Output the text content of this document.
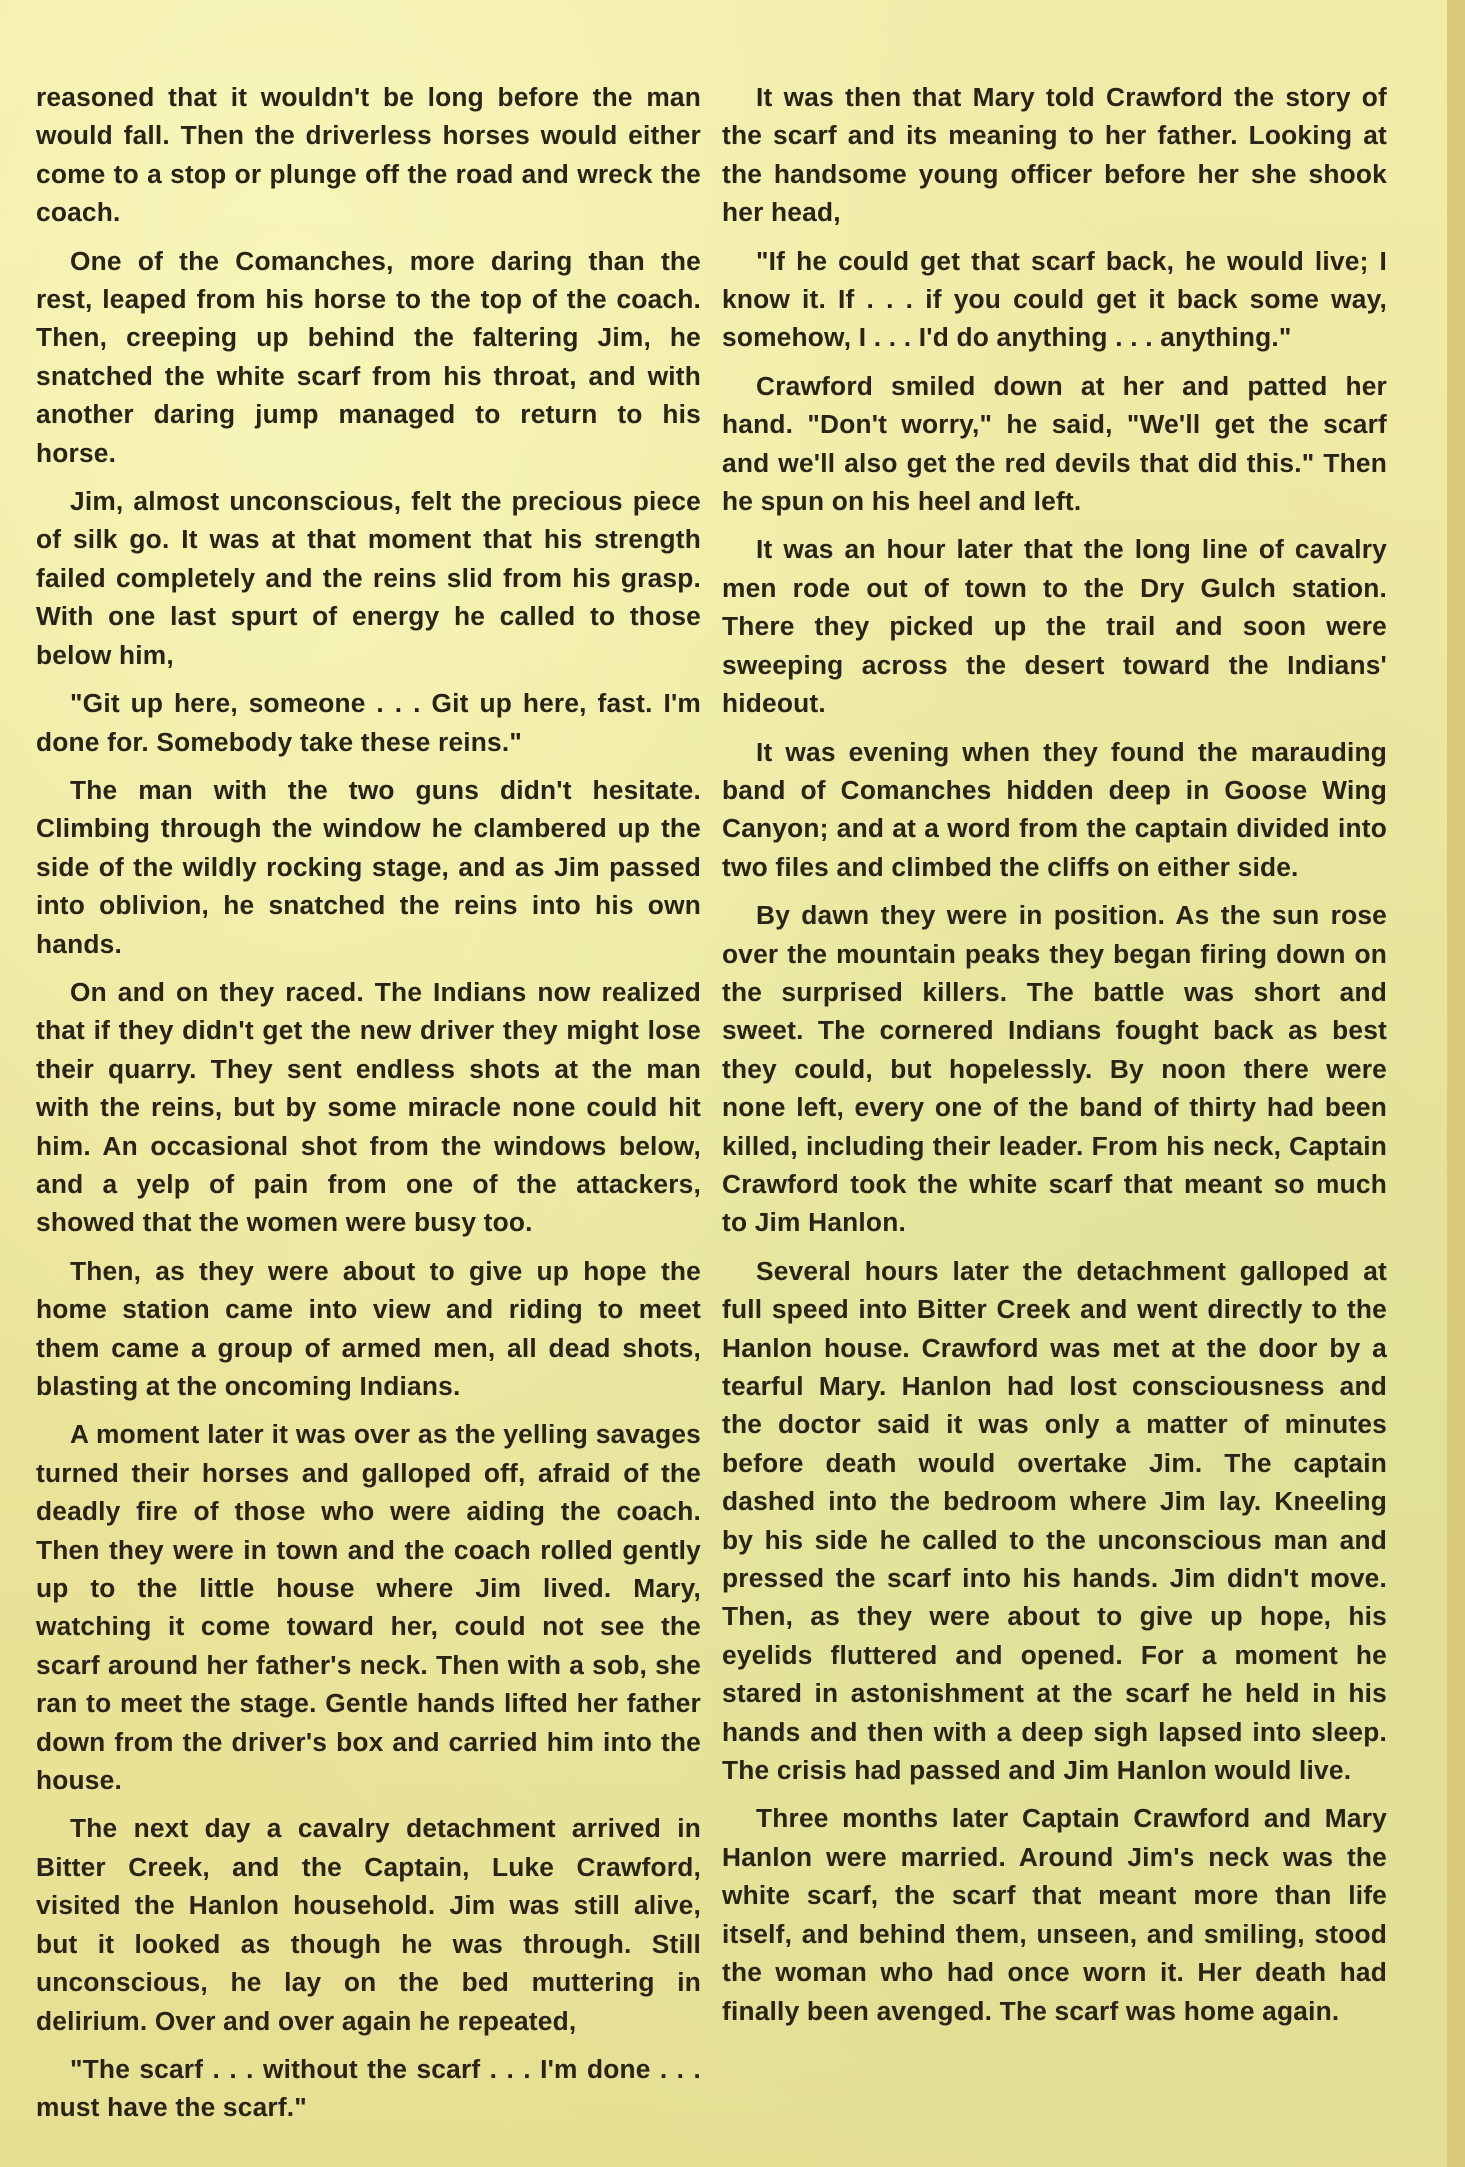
reasoned that it wouldn't be long before the man would fall. Then the driverless horses would either come to a stop or plunge off the road and wreck the coach.

One of the Comanches, more daring than the rest, leaped from his horse to the top of the coach. Then, creeping up behind the faltering Jim, he snatched the white scarf from his throat, and with another daring jump managed to return to his horse.

Jim, almost unconscious, felt the precious piece of silk go. It was at that moment that his strength failed completely and the reins slid from his grasp. With one last spurt of energy he called to those below him,

"Git up here, someone . . . Git up here, fast. I'm done for. Somebody take these reins."

The man with the two guns didn't hesitate. Climbing through the window he clambered up the side of the wildly rocking stage, and as Jim passed into oblivion, he snatched the reins into his own hands.

On and on they raced. The Indians now realized that if they didn't get the new driver they might lose their quarry. They sent endless shots at the man with the reins, but by some miracle none could hit him. An occasional shot from the windows below, and a yelp of pain from one of the attackers, showed that the women were busy too.

Then, as they were about to give up hope the home station came into view and riding to meet them came a group of armed men, all dead shots, blasting at the oncoming Indians.

A moment later it was over as the yelling savages turned their horses and galloped off, afraid of the deadly fire of those who were aiding the coach. Then they were in town and the coach rolled gently up to the little house where Jim lived. Mary, watching it come toward her, could not see the scarf around her father's neck. Then with a sob, she ran to meet the stage. Gentle hands lifted her father down from the driver's box and carried him into the house.

The next day a cavalry detachment arrived in Bitter Creek, and the Captain, Luke Crawford, visited the Hanlon household. Jim was still alive, but it looked as though he was through. Still unconscious, he lay on the bed muttering in delirium. Over and over again he repeated,

"The scarf . . . without the scarf . . . I'm done . . . must have the scarf."

It was then that Mary told Crawford the story of the scarf and its meaning to her father. Looking at the handsome young officer before her she shook her head,

"If he could get that scarf back, he would live; I know it. If . . . if you could get it back some way, somehow, I . . . I'd do anything . . . anything."

Crawford smiled down at her and patted her hand. "Don't worry," he said, "We'll get the scarf and we'll also get the red devils that did this." Then he spun on his heel and left.

It was an hour later that the long line of cavalry men rode out of town to the Dry Gulch station. There they picked up the trail and soon were sweeping across the desert toward the Indians' hideout.

It was evening when they found the marauding band of Comanches hidden deep in Goose Wing Canyon; and at a word from the captain divided into two files and climbed the cliffs on either side.

By dawn they were in position. As the sun rose over the mountain peaks they began firing down on the surprised killers. The battle was short and sweet. The cornered Indians fought back as best they could, but hopelessly. By noon there were none left, every one of the band of thirty had been killed, including their leader. From his neck, Captain Crawford took the white scarf that meant so much to Jim Hanlon.

Several hours later the detachment galloped at full speed into Bitter Creek and went directly to the Hanlon house. Crawford was met at the door by a tearful Mary. Hanlon had lost consciousness and the doctor said it was only a matter of minutes before death would overtake Jim. The captain dashed into the bedroom where Jim lay. Kneeling by his side he called to the unconscious man and pressed the scarf into his hands. Jim didn't move. Then, as they were about to give up hope, his eyelids fluttered and opened. For a moment he stared in astonishment at the scarf he held in his hands and then with a deep sigh lapsed into sleep. The crisis had passed and Jim Hanlon would live.

Three months later Captain Crawford and Mary Hanlon were married. Around Jim's neck was the white scarf, the scarf that meant more than life itself, and behind them, unseen, and smiling, stood the woman who had once worn it. Her death had finally been avenged. The scarf was home again.
